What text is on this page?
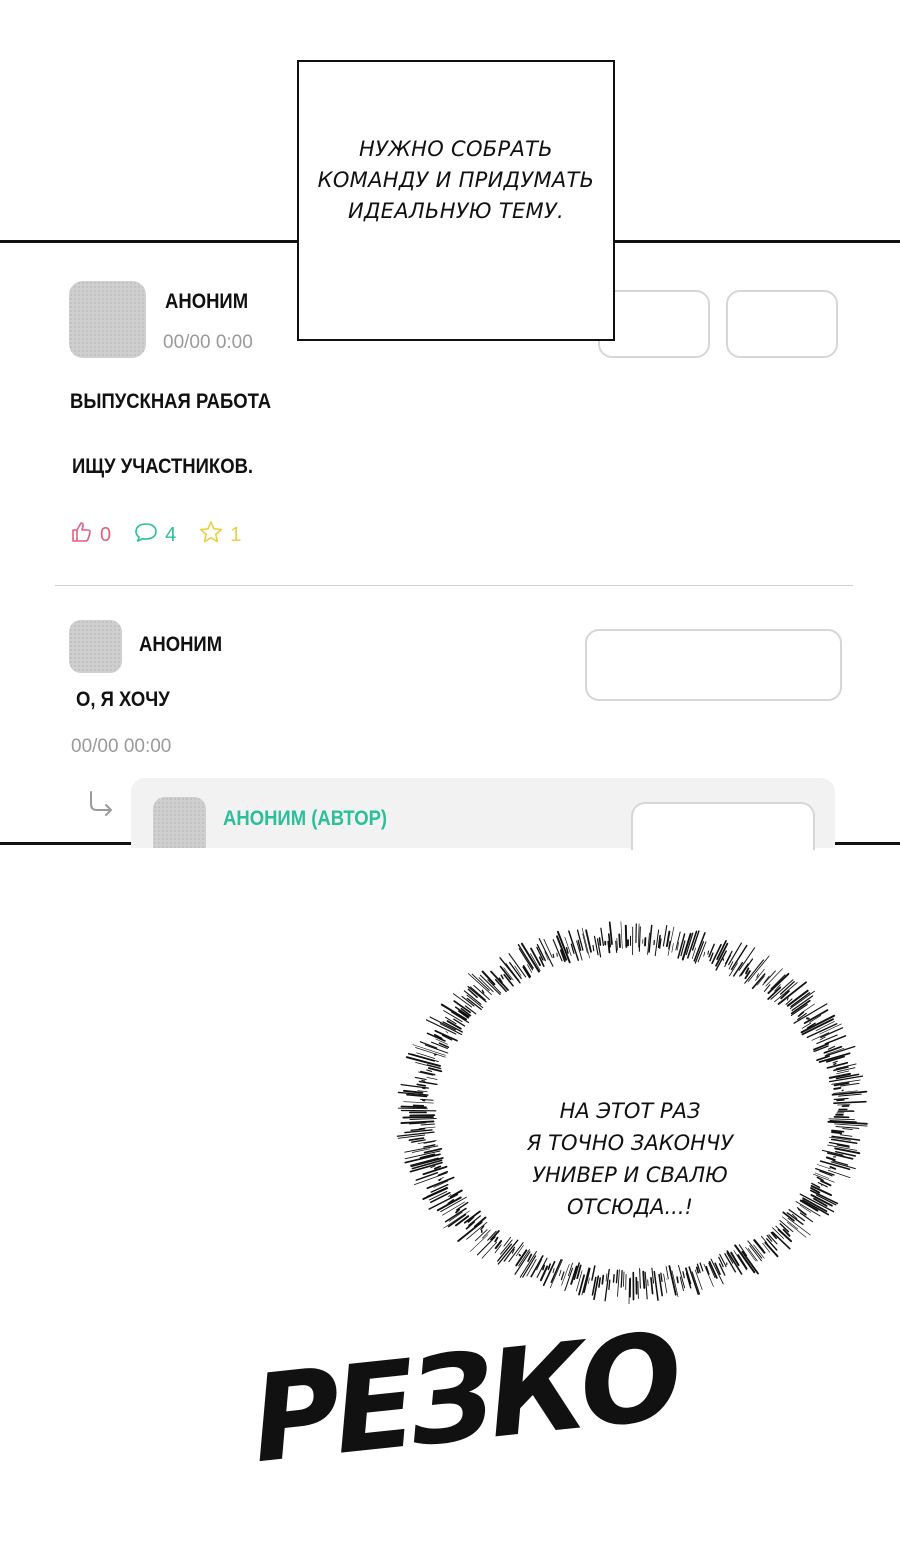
НУЖНО СОБРАТЬ
КОМАНДУ И ПРИДУМАТЬ
ИДЕАЛЬНУЮ ТЕМУ.
АНОНИМ
00/00 0:00
ВЫПУСКНАЯ РАБОТА
ИЩУ УЧАСТНИКОВ.
0	4	1
АНОНИМ
О, Я ХОЧУ
00/00 00:00
АНОНИМ (АВТОР)
НА ЭТОТ РАЗ
Я ТОЧНО ЗАКОНЧУ
УНИВЕР И СВАЛЮ
ОТСЮДА...!
РЕЗКО
